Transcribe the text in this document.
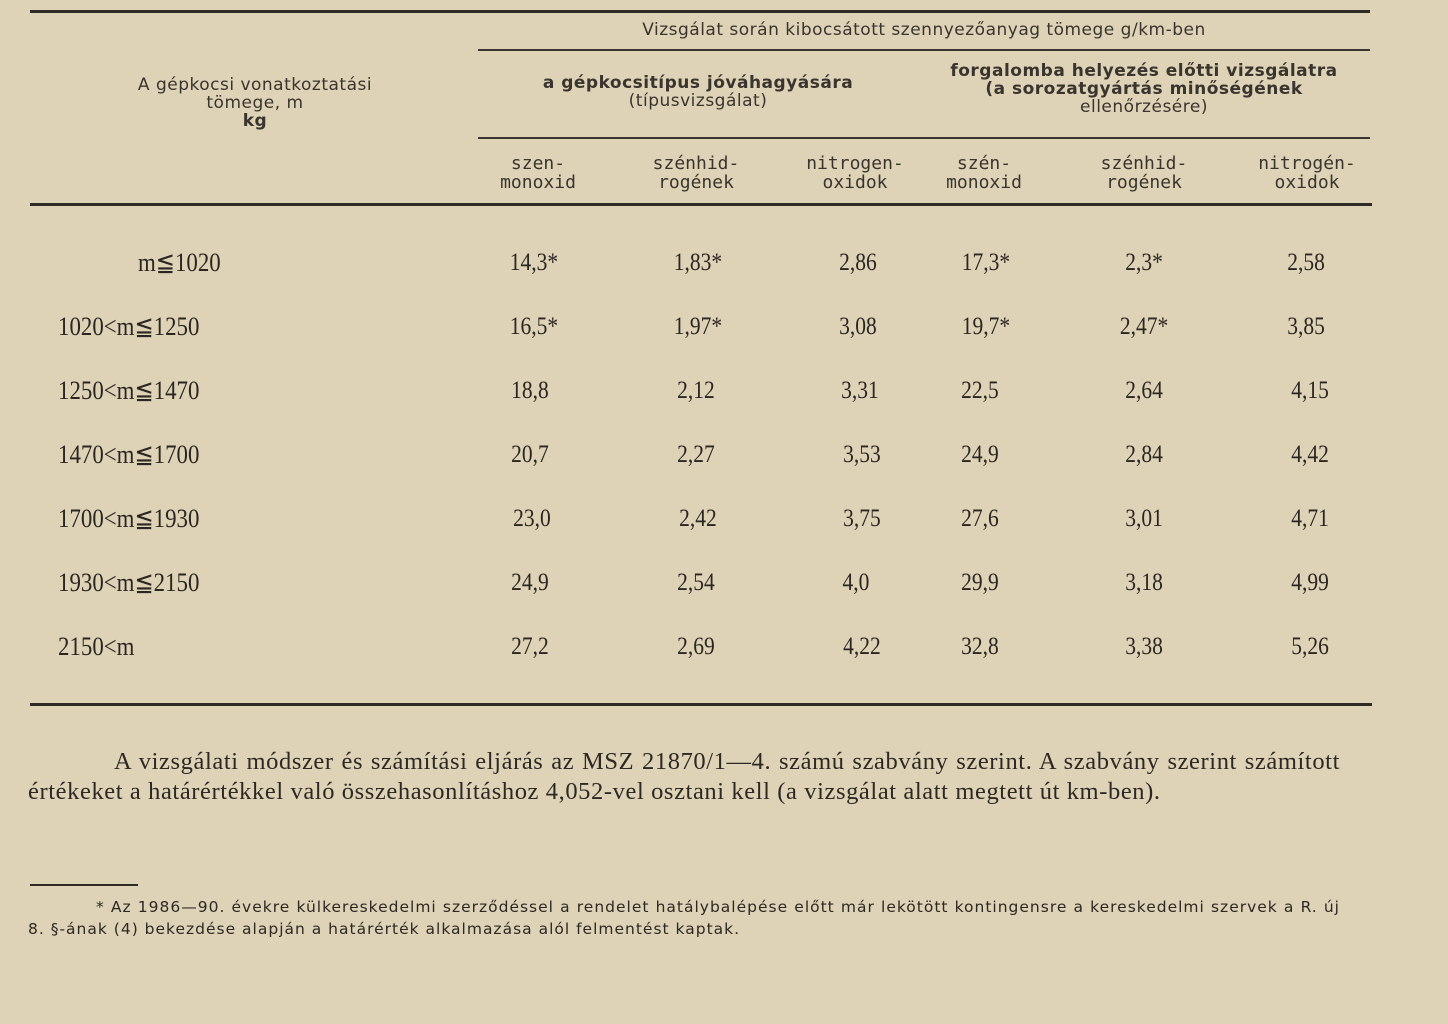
Vizsgálat során kibocsátott szennyezőanyag tömege g/km-ben
A gépkocsi vonatkoztatási
tömege, m
kg
a gépkocsitípus jóváhagyására
(típusvizsgálat)
forgalomba helyezés előtti vizsgálatra
(a sorozatgyártás minőségének
ellenőrzésére)
szen-
monoxid
szénhid-
rogének
nitrogen-
oxidok
szén-
monoxid
szénhid-
rogének
nitrogén-
oxidok
m≦1020	14,3*	1,83*	2,86	17,3*	2,3*	2,58
1020<m≦1250	16,5*	1,97*	3,08	19,7*	2,47*	3,85
1250<m≦1470	18,8	2,12	3,31	22,5	2,64	4,15
1470<m≦1700	20,7	2,27	3,53	24,9	2,84	4,42
1700<m≦1930	23,0	2,42	3,75	27,6	3,01	4,71
1930<m≦2150	24,9	2,54	4,0	29,9	3,18	4,99
2150<m	27,2	2,69	4,22	32,8	3,38	5,26

A vizsgálati módszer és számítási eljárás az MSZ 21870/1—4. számú szabvány szerint. A szabvány szerint számított értékeket a határértékkel való összehasonlításhoz 4,052-vel osztani kell (a vizsgálat alatt megtett út km-ben).

* Az 1986—90. évekre külkereskedelmi szerződéssel a rendelet hatálybalépése előtt már lekötött kontingensre a kereskedelmi szervek a R. új 8. §-ának (4) bekezdése alapján a határérték alkalmazása alól felmentést kaptak.
